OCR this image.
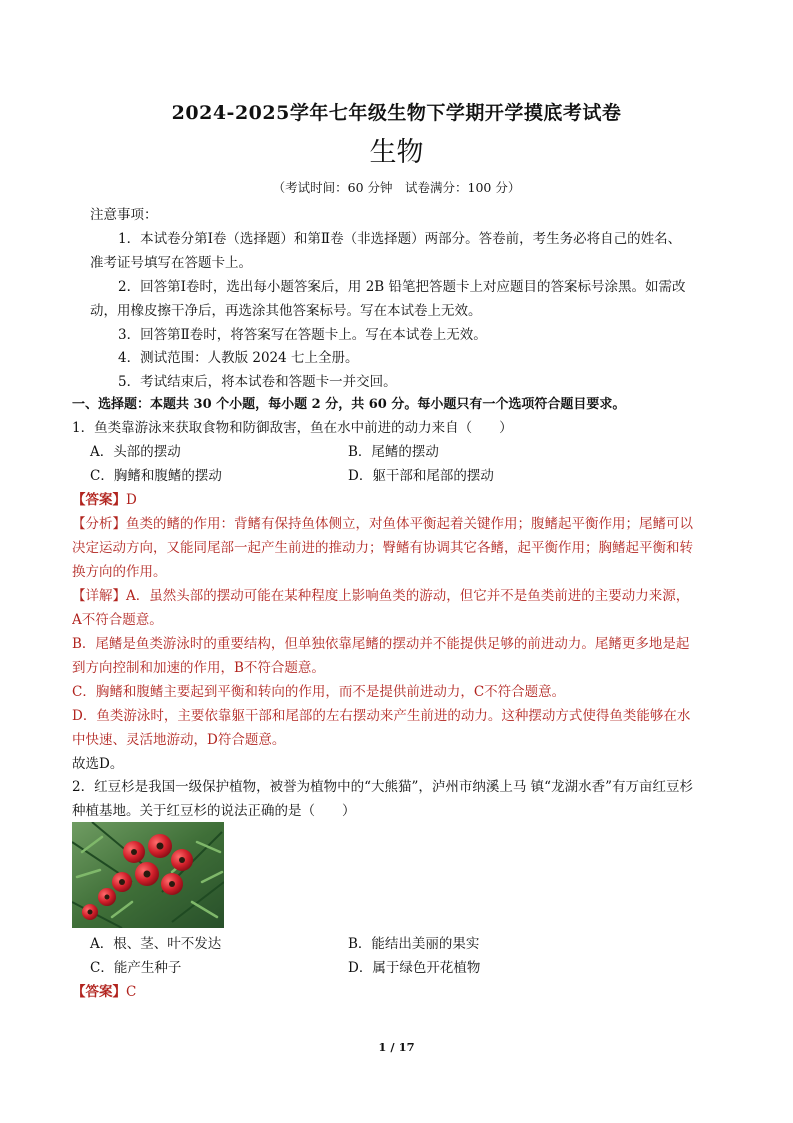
2024-2025学年七年级生物下学期开学摸底考试卷
生物
（考试时间：60 分钟　试卷满分：100 分）
注意事项：
1．本试卷分第Ⅰ卷（选择题）和第Ⅱ卷（非选择题）两部分。答卷前，考生务必将自己的姓名、
准考证号填写在答题卡上。
2．回答第Ⅰ卷时，选出每小题答案后，用 2B 铅笔把答题卡上对应题目的答案标号涂黑。如需改
动，用橡皮擦干净后，再选涂其他答案标号。写在本试卷上无效。
3．回答第Ⅱ卷时，将答案写在答题卡上。写在本试卷上无效。
4．测试范围：人教版 2024 七上全册。
5．考试结束后，将本试卷和答题卡一并交回。
一、选择题：本题共 30 个小题，每小题 2 分，共 60 分。每小题只有一个选项符合题目要求。
1．鱼类靠游泳来获取食物和防御敌害，鱼在水中前进的动力来自（　　）
A．头部的摆动	B．尾鳍的摆动
C．胸鳍和腹鳍的摆动	D．躯干部和尾部的摆动
【答案】D
【分析】鱼类的鳍的作用：背鳍有保持鱼体侧立，对鱼体平衡起着关键作用；腹鳍起平衡作用；尾鳍可以
决定运动方向，又能同尾部一起产生前进的推动力；臀鳍有协调其它各鳍，起平衡作用；胸鳍起平衡和转
换方向的作用。
【详解】A．虽然头部的摆动可能在某种程度上影响鱼类的游动，但它并不是鱼类前进的主要动力来源，
A不符合题意。
B．尾鳍是鱼类游泳时的重要结构，但单独依靠尾鳍的摆动并不能提供足够的前进动力。尾鳍更多地是起
到方向控制和加速的作用，B不符合题意。
C．胸鳍和腹鳍主要起到平衡和转向的作用，而不是提供前进动力，C不符合题意。
D．鱼类游泳时，主要依靠躯干部和尾部的左右摆动来产生前进的动力。这种摆动方式使得鱼类能够在水
中快速、灵活地游动，D符合题意。
故选D。
2．红豆杉是我国一级保护植物，被誉为植物中的“大熊猫”，泸州市纳溪上马 镇“龙湖水香”有万亩红豆杉
种植基地。关于红豆杉的说法正确的是（　　）
A．根、茎、叶不发达	B．能结出美丽的果实
C．能产生种子	D．属于绿色开花植物
【答案】C
1 / 17
